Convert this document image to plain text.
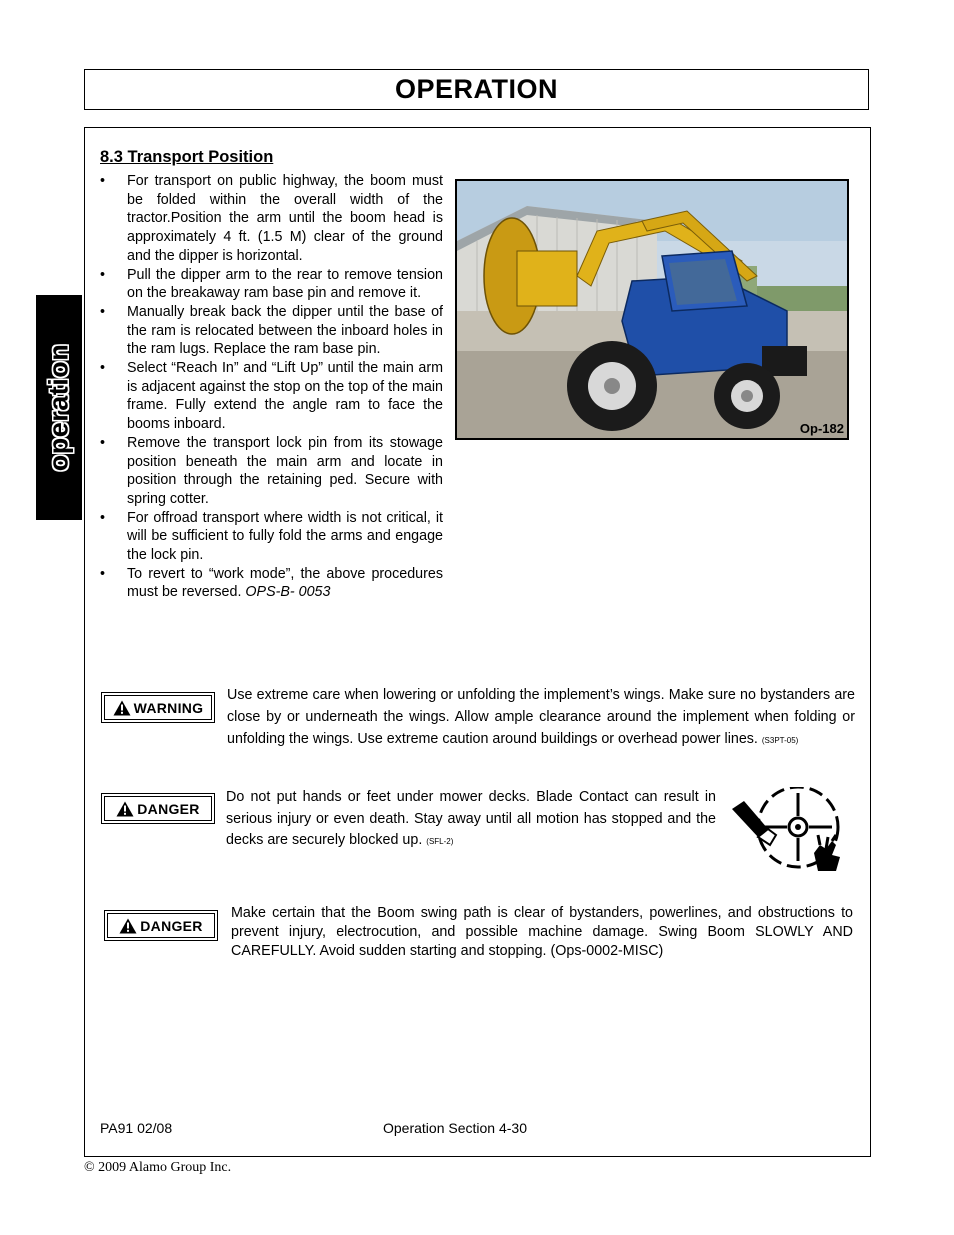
OPERATION
operation
8.3 Transport Position
• For transport on public highway, the boom must be folded within the overall width of the tractor.Position the arm until the boom head is approximately 4 ft. (1.5 M) clear of the ground and the dipper is horizontal.
• Pull the dipper arm to the rear to remove tension on the breakaway ram base pin and remove it.
• Manually break back the dipper until the base of the ram is relocated between the inboard holes in the ram lugs. Replace the ram base pin.
• Select “Reach In” and “Lift Up” until the main arm is adjacent against the stop on the top of the main frame. Fully extend the angle ram to face the booms inboard.
• Remove the transport lock pin from its stowage position beneath the main arm and locate in position through the retaining ped. Secure with spring cotter.
• For offroad transport where width is not critical, it will be sufficient to fully fold the arms and engage the lock pin.
• To revert to “work mode”, the above procedures must be reversed. OPS-B- 0053
Op-182
WARNING

Use extreme care when lowering or unfolding the implement’s wings. Make sure no bystanders are close by or underneath the wings. Allow ample clearance around the implement when folding or unfolding the wings. Use extreme caution around buildings or overhead power lines. (S3PT-05)

DANGER

Do not put hands or feet under mower decks. Blade Contact can result in serious injury or even death. Stay away until all motion has stopped and the decks are securely blocked up. (SFL-2)

DANGER

Make certain that the Boom swing path is clear of bystanders, powerlines, and obstructions to prevent injury, electrocution, and possible machine damage. Swing Boom SLOWLY AND CAREFULLY. Avoid sudden starting and stopping. (Ops-0002-MISC)

PA91 02/08	Operation Section 4-30
© 2009 Alamo Group Inc.
